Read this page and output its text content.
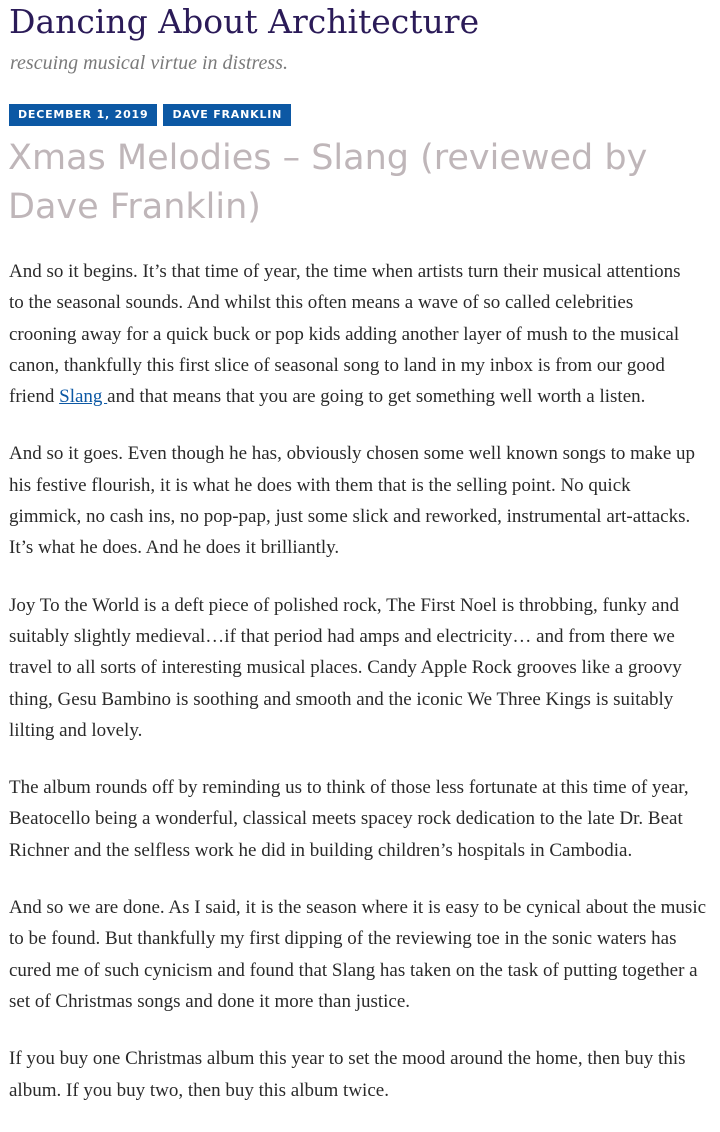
Dancing About Architecture

rescuing musical virtue in distress.

DECEMBER 1, 2019	DAVE FRANKLIN
Xmas Melodies – Slang (reviewed by Dave Franklin)

And so it begins. It’s that time of year, the time when artists turn their musical attentions
to the seasonal sounds. And whilst this often means a wave of so called celebrities
crooning away for a quick buck or pop kids adding another layer of mush to the musical
canon, thankfully this first slice of seasonal song to land in my inbox is from our good
friend Slang and that means that you are going to get something well worth a listen.

And so it goes. Even though he has, obviously chosen some well known songs to make up
his festive flourish, it is what he does with them that is the selling point. No quick
gimmick, no cash ins, no pop-pap, just some slick and reworked, instrumental art-attacks.
It’s what he does. And he does it brilliantly.

Joy To the World is a deft piece of polished rock, The First Noel is throbbing, funky and
suitably slightly medieval…if that period had amps and electricity… and from there we
travel to all sorts of interesting musical places. Candy Apple Rock grooves like a groovy
thing, Gesu Bambino is soothing and smooth and the iconic We Three Kings is suitably
lilting and lovely.

The album rounds off by reminding us to think of those less fortunate at this time of year,
Beatocello being a wonderful, classical meets spacey rock dedication to the late Dr. Beat
Richner and the selfless work he did in building children’s hospitals in Cambodia.

And so we are done. As I said, it is the season where it is easy to be cynical about the music
to be found. But thankfully my first dipping of the reviewing toe in the sonic waters has
cured me of such cynicism and found that Slang has taken on the task of putting together a
set of Christmas songs and done it more than justice.

If you buy one Christmas album this year to set the mood around the home, then buy this
album. If you buy two, then buy this album twice.
